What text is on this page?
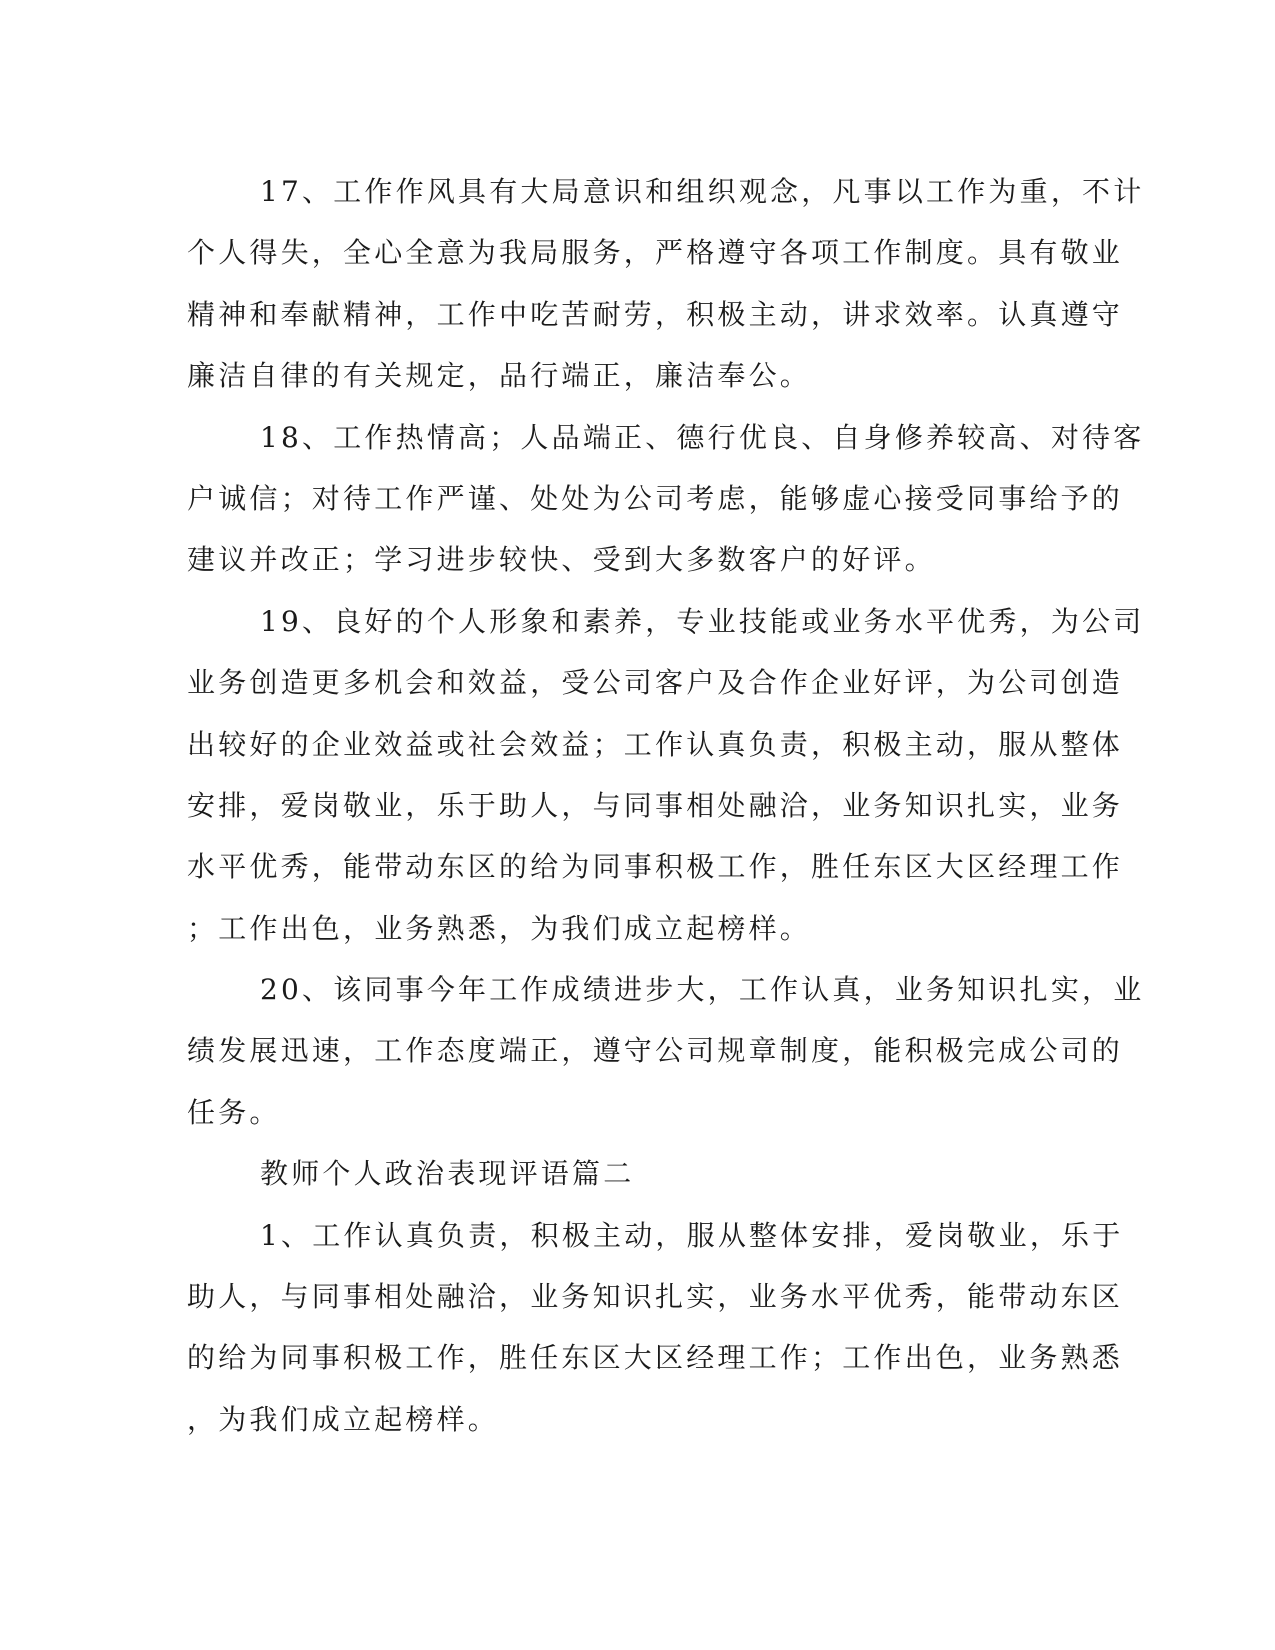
17、工作作风具有大局意识和组织观念，凡事以工作为重，不计
个人得失，全心全意为我局服务，严格遵守各项工作制度。具有敬业
精神和奉献精神，工作中吃苦耐劳，积极主动，讲求效率。认真遵守
廉洁自律的有关规定，品行端正，廉洁奉公。
18、工作热情高；人品端正、德行优良、自身修养较高、对待客
户诚信；对待工作严谨、处处为公司考虑，能够虚心接受同事给予的
建议并改正；学习进步较快、受到大多数客户的好评。
19、良好的个人形象和素养，专业技能或业务水平优秀，为公司
业务创造更多机会和效益，受公司客户及合作企业好评，为公司创造
出较好的企业效益或社会效益；工作认真负责，积极主动，服从整体
安排，爱岗敬业，乐于助人，与同事相处融洽，业务知识扎实，业务
水平优秀，能带动东区的给为同事积极工作，胜任东区大区经理工作
；工作出色，业务熟悉，为我们成立起榜样。
20、该同事今年工作成绩进步大，工作认真，业务知识扎实，业
绩发展迅速，工作态度端正，遵守公司规章制度，能积极完成公司的
任务。
教师个人政治表现评语篇二
1、工作认真负责，积极主动，服从整体安排，爱岗敬业，乐于
助人，与同事相处融洽，业务知识扎实，业务水平优秀，能带动东区
的给为同事积极工作，胜任东区大区经理工作；工作出色，业务熟悉
，为我们成立起榜样。
